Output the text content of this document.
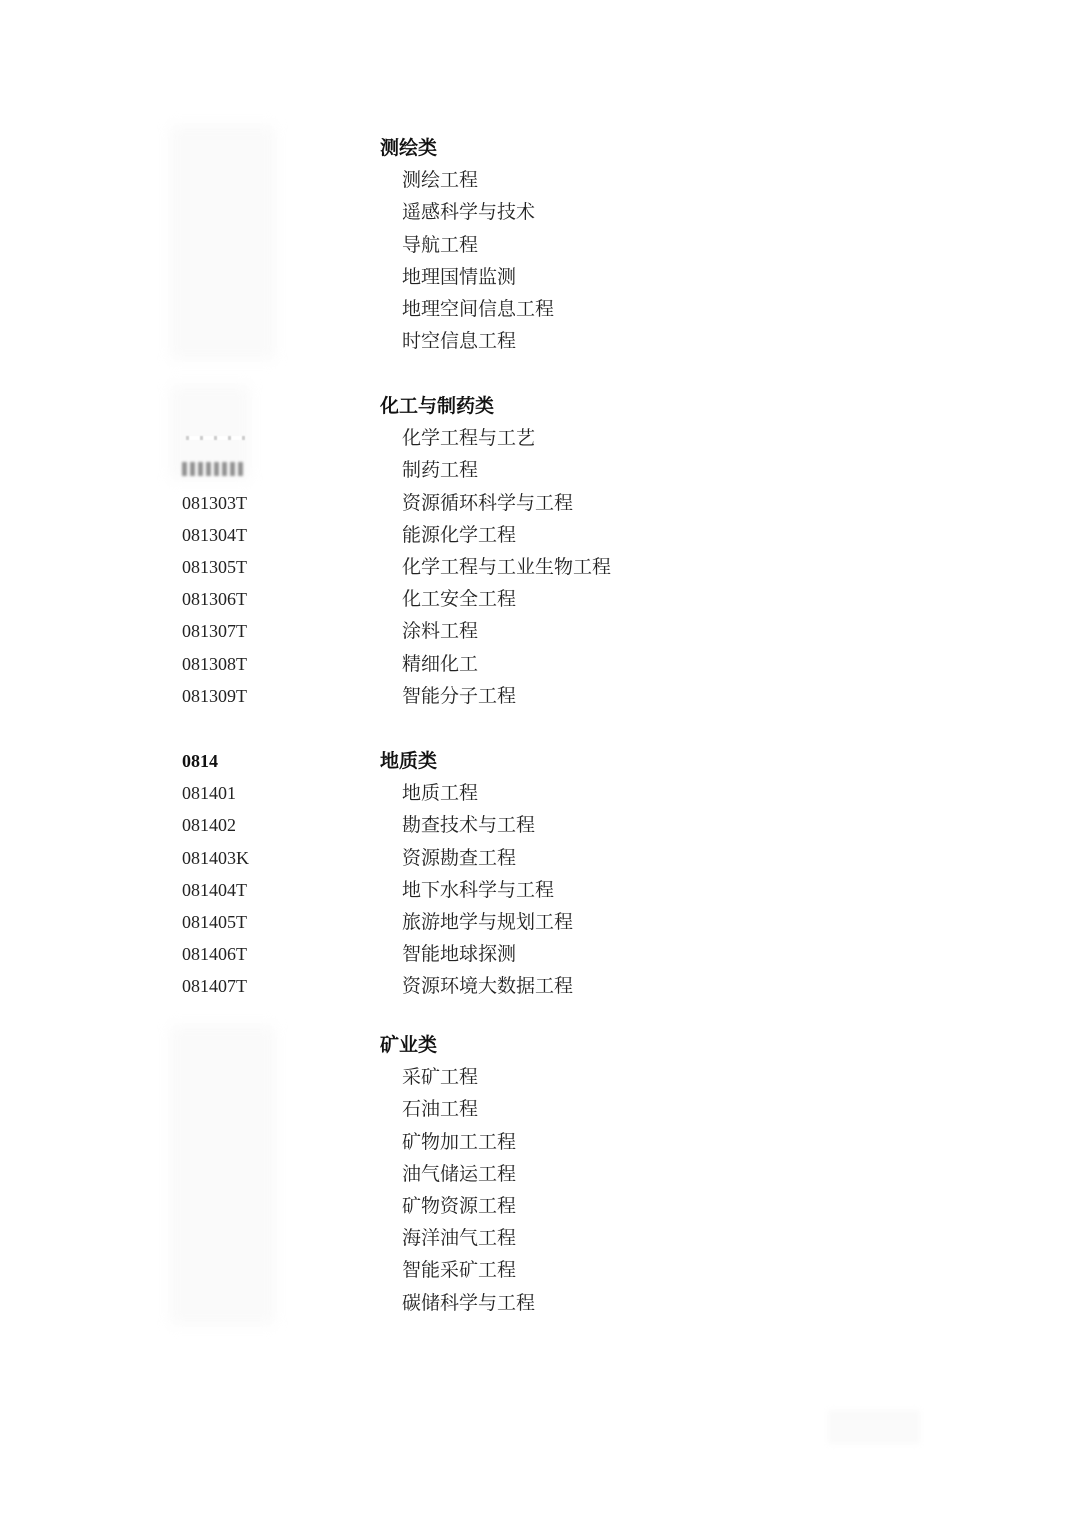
测绘类
测绘工程
遥感科学与技术
导航工程
地理国情监测
地理空间信息工程
时空信息工程
化工与制药类
化学工程与工艺
制药工程
081303T	资源循环科学与工程
081304T	能源化学工程
081305T	化学工程与工业生物工程
081306T	化工安全工程
081307T	涂料工程
081308T	精细化工
081309T	智能分子工程
0814	地质类
081401	地质工程
081402	勘查技术与工程
081403K	资源勘查工程
081404T	地下水科学与工程
081405T	旅游地学与规划工程
081406T	智能地球探测
081407T	资源环境大数据工程
矿业类
采矿工程
石油工程
矿物加工工程
油气储运工程
矿物资源工程
海洋油气工程
智能采矿工程
碳储科学与工程
